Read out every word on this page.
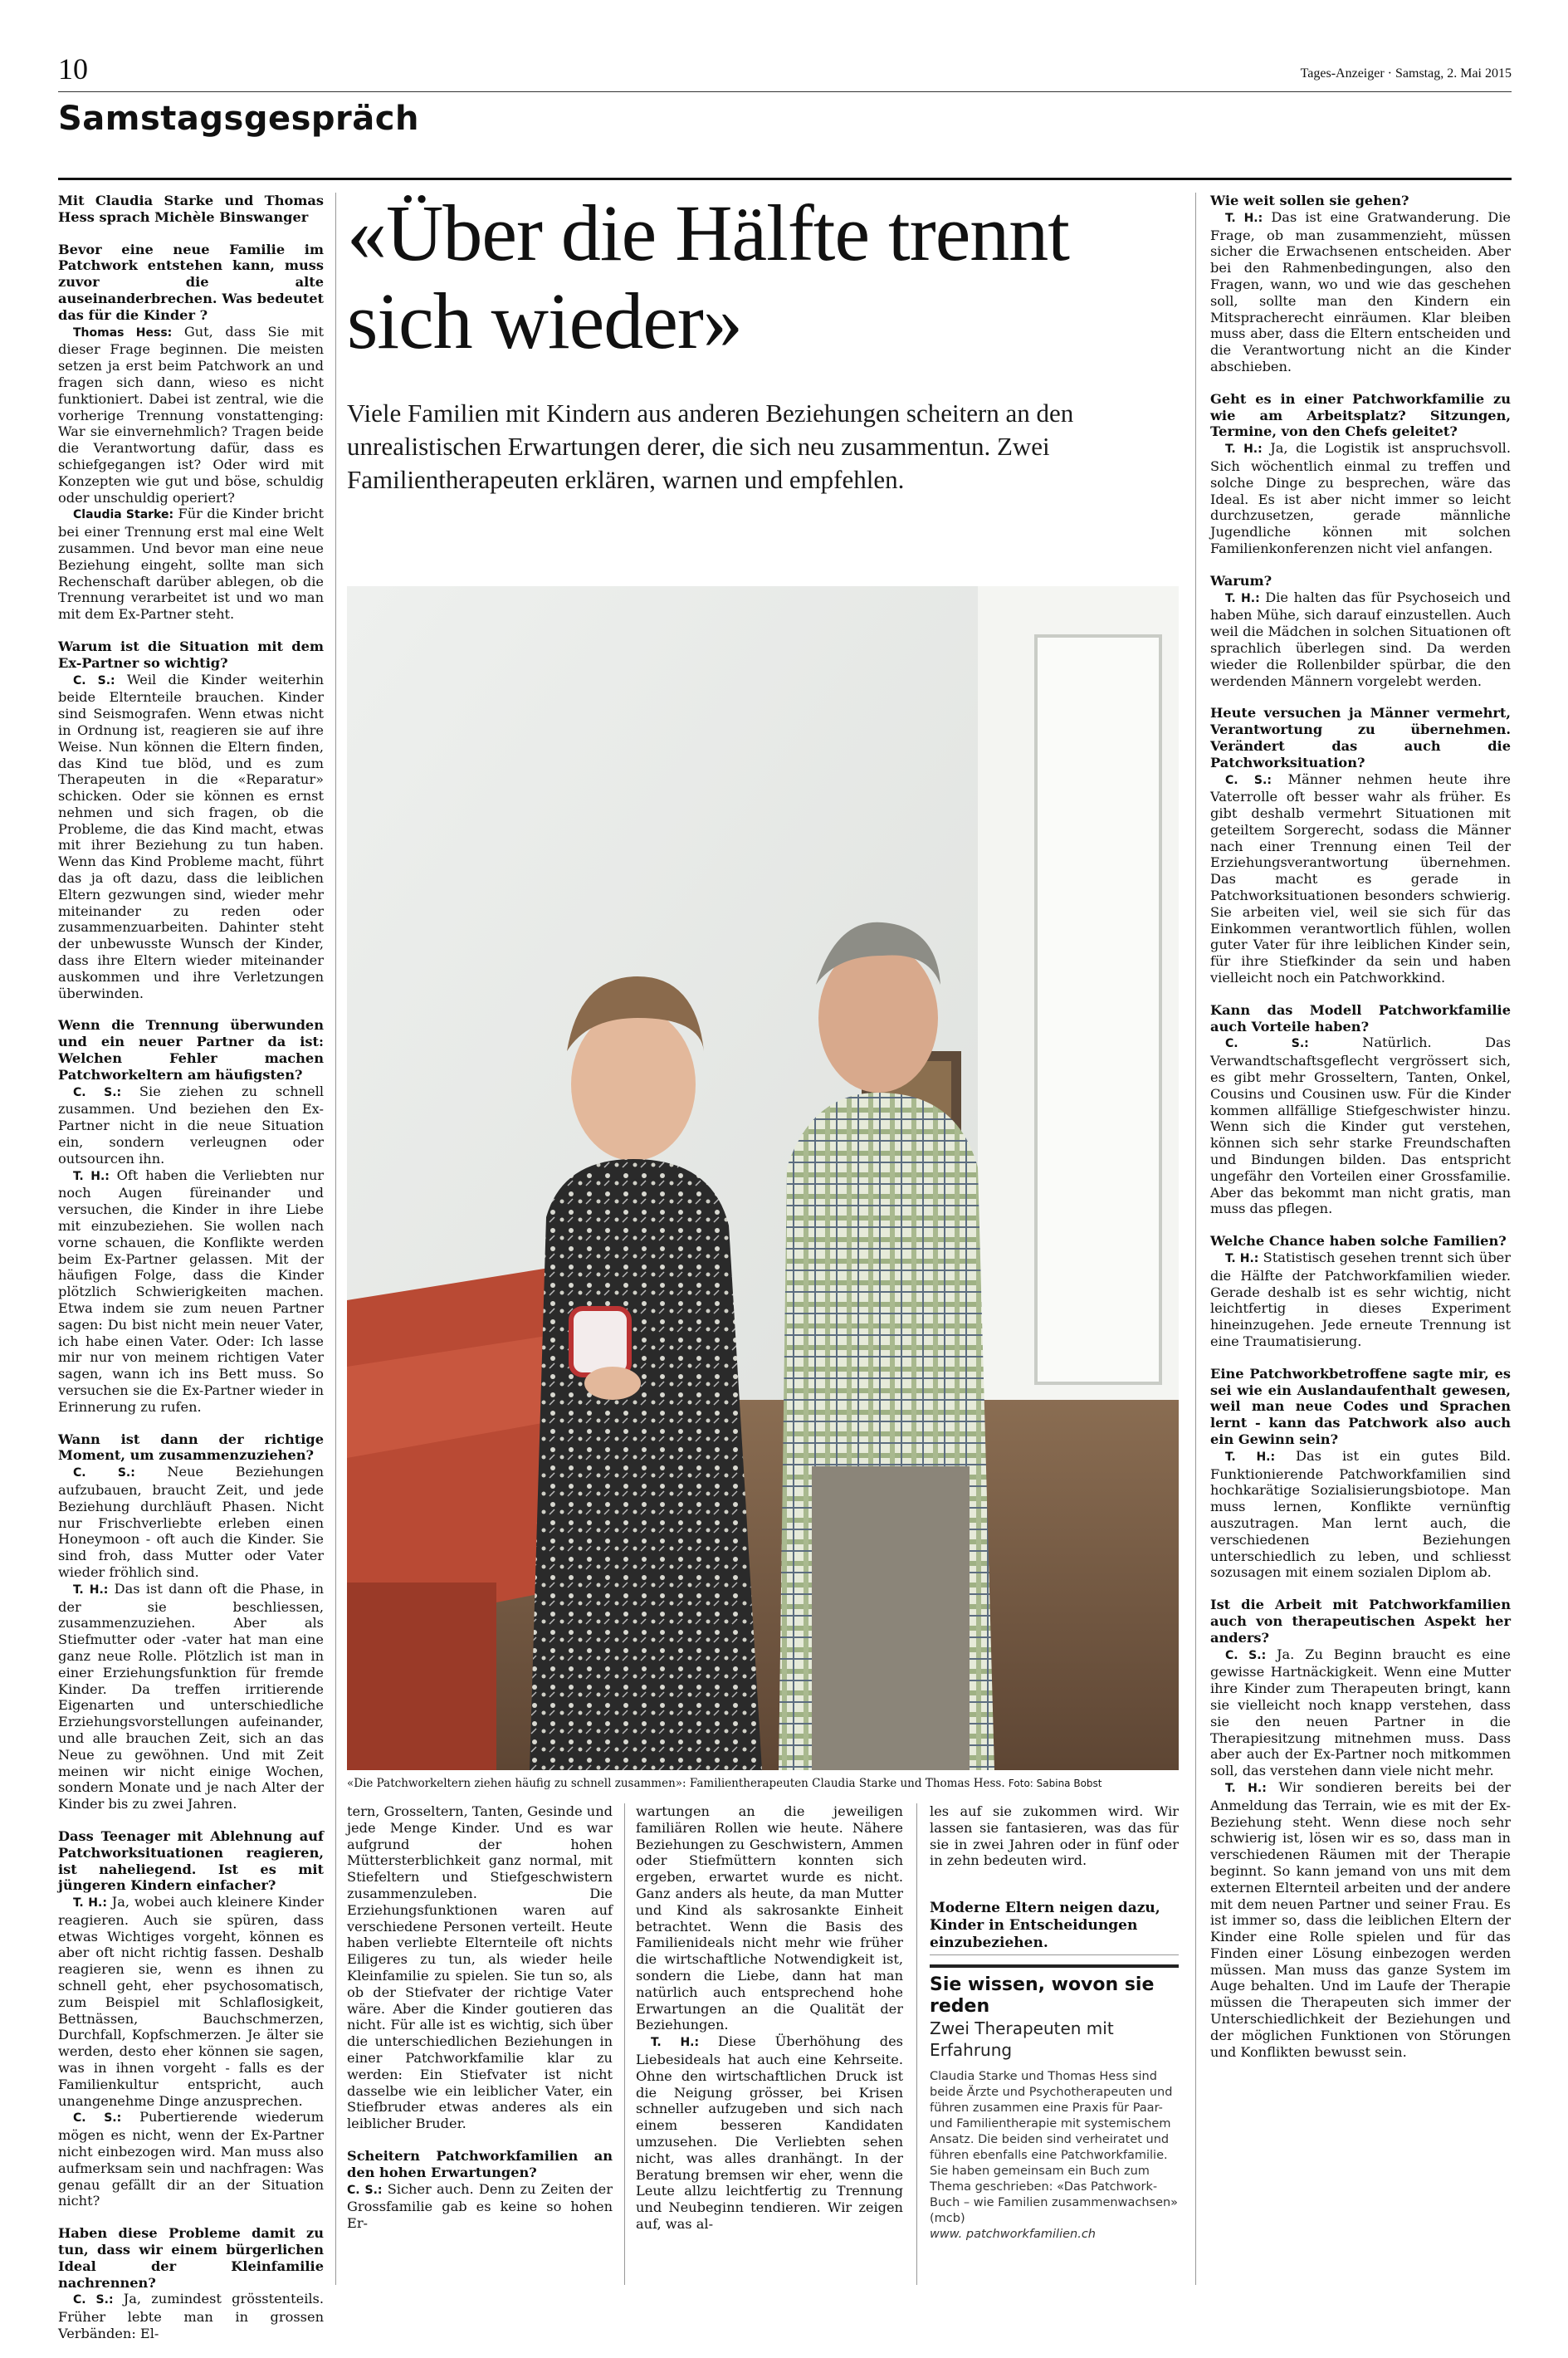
10	Tages-Anzeiger · Samstag, 2. Mai 2015
Samstagsgespräch

Mit Claudia Starke und Thomas Hess sprach Michèle Binswanger

Bevor eine neue Familie im Patchwork entstehen kann, muss zuvor die alte auseinanderbrechen. Was bedeutet das für die Kinder ?

Thomas Hess: Gut, dass Sie mit dieser Frage beginnen. Die meisten setzen ja erst beim Patchwork an und fragen sich dann, wieso es nicht funktioniert. Dabei ist zentral, wie die vorherige Trennung vonstattenging: War sie einvernehmlich? Tragen beide die Verantwortung dafür, dass es schiefgegangen ist? Oder wird mit Konzepten wie gut und böse, schuldig oder unschuldig operiert?

Claudia Starke: Für die Kinder bricht bei einer Trennung erst mal eine Welt zusammen. Und bevor man eine neue Beziehung eingeht, sollte man sich Rechenschaft darüber ablegen, ob die Trennung verarbeitet ist und wo man mit dem Ex-Partner steht.

Warum ist die Situation mit dem Ex-Partner so wichtig?

C. S.: Weil die Kinder weiterhin beide Elternteile brauchen. Kinder sind Seismografen. Wenn etwas nicht in Ordnung ist, reagieren sie auf ihre Weise. Nun können die Eltern finden, das Kind tue blöd, und es zum Therapeuten in die «Reparatur» schicken. Oder sie können es ernst nehmen und sich fragen, ob die Probleme, die das Kind macht, etwas mit ihrer Beziehung zu tun haben. Wenn das Kind Probleme macht, führt das ja oft dazu, dass die leiblichen Eltern gezwungen sind, wieder mehr miteinander zu reden oder zusammenzuarbeiten. Dahinter steht der unbewusste Wunsch der Kinder, dass ihre Eltern wieder miteinander auskommen und ihre Verletzungen überwinden.

Wenn die Trennung überwunden und ein neuer Partner da ist: Welchen Fehler machen Patchworkeltern am häufigsten?

C. S.: Sie ziehen zu schnell zusammen. Und beziehen den Ex-Partner nicht in die neue Situation ein, sondern verleugnen oder outsourcen ihn.

T. H.: Oft haben die Verliebten nur noch Augen füreinander und versuchen, die Kinder in ihre Liebe mit einzubeziehen. Sie wollen nach vorne schauen, die Konflikte werden beim Ex-Partner gelassen. Mit der häufigen Folge, dass die Kinder plötzlich Schwierigkeiten machen. Etwa indem sie zum neuen Partner sagen: Du bist nicht mein neuer Vater, ich habe einen Vater. Oder: Ich lasse mir nur von meinem richtigen Vater sagen, wann ich ins Bett muss. So versuchen sie die Ex-Partner wieder in Erinnerung zu rufen.

Wann ist dann der richtige Moment, um zusammenzuziehen?

C. S.: Neue Beziehungen aufzubauen, braucht Zeit, und jede Beziehung durchläuft Phasen. Nicht nur Frischverliebte erleben einen Honeymoon - oft auch die Kinder. Sie sind froh, dass Mutter oder Vater wieder fröhlich sind.

T. H.: Das ist dann oft die Phase, in der sie beschliessen, zusammenzuziehen. Aber als Stiefmutter oder -vater hat man eine ganz neue Rolle. Plötzlich ist man in einer Erziehungsfunktion für fremde Kinder. Da treffen irritierende Eigenarten und unterschiedliche Erziehungsvorstellungen aufeinander, und alle brauchen Zeit, sich an das Neue zu gewöhnen. Und mit Zeit meinen wir nicht einige Wochen, sondern Monate und je nach Alter der Kinder bis zu zwei Jahren.

Dass Teenager mit Ablehnung auf Patchworksituationen reagieren, ist naheliegend. Ist es mit jüngeren Kindern einfacher?

T. H.: Ja, wobei auch kleinere Kinder reagieren. Auch sie spüren, dass etwas Wichtiges vorgeht, können es aber oft nicht richtig fassen. Deshalb reagieren sie, wenn es ihnen zu schnell geht, eher psychosomatisch, zum Beispiel mit Schlaflosigkeit, Bettnässen, Bauchschmerzen, Durchfall, Kopfschmerzen. Je älter sie werden, desto eher können sie sagen, was in ihnen vorgeht - falls es der Familienkultur entspricht, auch unangenehme Dinge anzusprechen.

C. S.: Pubertierende wiederum mögen es nicht, wenn der Ex-Partner nicht einbezogen wird. Man muss also aufmerksam sein und nachfragen: Was genau gefällt dir an der Situation nicht?

Haben diese Probleme damit zu tun, dass wir einem bürgerlichen Ideal der Kleinfamilie nachrennen?

C. S.: Ja, zumindest grösstenteils. Früher lebte man in grossen Verbänden: El-

«Über die Hälfte trennt sich wieder»
Viele Familien mit Kindern aus anderen Beziehungen scheitern an den unrealistischen Erwartungen derer, die sich neu zusammentun. Zwei Familientherapeuten erklären, warnen und empfehlen.
«Die Patchworkeltern ziehen häufig zu schnell zusammen»: Familientherapeuten Claudia Starke und Thomas Hess. Foto: Sabina Bobst

tern, Grosseltern, Tanten, Gesinde und jede Menge Kinder. Und es war aufgrund der hohen Müttersterblichkeit ganz normal, mit Stiefeltern und Stiefgeschwistern zusammenzuleben. Die Erziehungsfunktionen waren auf verschiedene Personen verteilt. Heute haben verliebte Elternteile oft nichts Eiligeres zu tun, als wieder heile Kleinfamilie zu spielen. Sie tun so, als ob der Stiefvater der richtige Vater wäre. Aber die Kinder goutieren das nicht. Für alle ist es wichtig, sich über die unterschiedlichen Beziehungen in einer Patchworkfamilie klar zu werden: Ein Stiefvater ist nicht dasselbe wie ein leiblicher Vater, ein Stiefbruder etwas anderes als ein leiblicher Bruder.

Scheitern Patchworkfamilien an den hohen Erwartungen?

C. S.: Sicher auch. Denn zu Zeiten der Grossfamilie gab es keine so hohen Er-

wartungen an die jeweiligen familiären Rollen wie heute. Nähere Beziehungen zu Geschwistern, Ammen oder Stiefmüttern konnten sich ergeben, erwartet wurde es nicht. Ganz anders als heute, da man Mutter und Kind als sakrosankte Einheit betrachtet. Wenn die Basis des Familienideals nicht mehr wie früher die wirtschaftliche Notwendigkeit ist, sondern die Liebe, dann hat man natürlich auch entsprechend hohe Erwartungen an die Qualität der Beziehungen.

T. H.: Diese Überhöhung des Liebesideals hat auch eine Kehrseite. Ohne den wirtschaftlichen Druck ist die Neigung grösser, bei Krisen schneller aufzugeben und sich nach einem besseren Kandidaten umzusehen. Die Verliebten sehen nicht, was alles dranhängt. In der Beratung bremsen wir eher, wenn die Leute allzu leichtfertig zu Trennung und Neubeginn tendieren. Wir zeigen auf, was al-

les auf sie zukommen wird. Wir lassen sie fantasieren, was das für sie in zwei Jahren oder in fünf oder in zehn bedeuten wird.

Moderne Eltern neigen dazu, Kinder in Entscheidungen einzubeziehen.
Sie wissen, wovon sie reden
Zwei Therapeuten mit Erfahrung
Claudia Starke und Thomas Hess sind beide Ärzte und Psychotherapeuten und führen zusammen eine Praxis für Paar- und Familientherapie mit systemischem Ansatz. Die beiden sind verheiratet und führen ebenfalls eine Patchworkfamilie. Sie haben gemeinsam ein Buch zum Thema geschrieben: «Das Patchwork-Buch – wie Familien zusammenwachsen» (mcb)
www. patchworkfamilien.ch

Wie weit sollen sie gehen?

T. H.: Das ist eine Gratwanderung. Die Frage, ob man zusammenzieht, müssen sicher die Erwachsenen entscheiden. Aber bei den Rahmenbedingungen, also den Fragen, wann, wo und wie das geschehen soll, sollte man den Kindern ein Mitspracherecht einräumen. Klar bleiben muss aber, dass die Eltern entscheiden und die Verantwortung nicht an die Kinder abschieben.

Geht es in einer Patchworkfamilie zu wie am Arbeitsplatz? Sitzungen, Termine, von den Chefs geleitet?

T. H.: Ja, die Logistik ist anspruchsvoll. Sich wöchentlich einmal zu treffen und solche Dinge zu besprechen, wäre das Ideal. Es ist aber nicht immer so leicht durchzusetzen, gerade männliche Jugendliche können mit solchen Familienkonferenzen nicht viel anfangen.

Warum?

T. H.: Die halten das für Psychoseich und haben Mühe, sich darauf einzustellen. Auch weil die Mädchen in solchen Situationen oft sprachlich überlegen sind. Da werden wieder die Rollenbilder spürbar, die den werdenden Männern vorgelebt werden.

Heute versuchen ja Männer vermehrt, Verantwortung zu übernehmen. Verändert das auch die Patchworksituation?

C. S.: Männer nehmen heute ihre Vaterrolle oft besser wahr als früher. Es gibt deshalb vermehrt Situationen mit geteiltem Sorgerecht, sodass die Männer nach einer Trennung einen Teil der Erziehungsverantwortung übernehmen. Das macht es gerade in Patchworksituationen besonders schwierig. Sie arbeiten viel, weil sie sich für das Einkommen verantwortlich fühlen, wollen guter Vater für ihre leiblichen Kinder sein, für ihre Stiefkinder da sein und haben vielleicht noch ein Patchworkkind.

Kann das Modell Patchworkfamilie auch Vorteile haben?

C. S.: Natürlich. Das Verwandtschaftsgeflecht vergrössert sich, es gibt mehr Grosseltern, Tanten, Onkel, Cousins und Cousinen usw. Für die Kinder kommen allfällige Stiefgeschwister hinzu. Wenn sich die Kinder gut verstehen, können sich sehr starke Freundschaften und Bindungen bilden. Das entspricht ungefähr den Vorteilen einer Grossfamilie. Aber das bekommt man nicht gratis, man muss das pflegen.

Welche Chance haben solche Familien?

T. H.: Statistisch gesehen trennt sich über die Hälfte der Patchworkfamilien wieder. Gerade deshalb ist es sehr wichtig, nicht leichtfertig in dieses Experiment hineinzugehen. Jede erneute Trennung ist eine Traumatisierung.

Eine Patchworkbetroffene sagte mir, es sei wie ein Auslandaufenthalt gewesen, weil man neue Codes und Sprachen lernt - kann das Patchwork also auch ein Gewinn sein?

T. H.: Das ist ein gutes Bild. Funktionierende Patchworkfamilien sind hochkarätige Sozialisierungsbiotope. Man muss lernen, Konflikte vernünftig auszutragen. Man lernt auch, die verschiedenen Beziehungen unterschiedlich zu leben, und schliesst sozusagen mit einem sozialen Diplom ab.

Ist die Arbeit mit Patchworkfamilien auch von therapeutischen Aspekt her anders?

C. S.: Ja. Zu Beginn braucht es eine gewisse Hartnäckigkeit. Wenn eine Mutter ihre Kinder zum Therapeuten bringt, kann sie vielleicht noch knapp verstehen, dass sie den neuen Partner in die Therapiesitzung mitnehmen muss. Dass aber auch der Ex-Partner noch mitkommen soll, das verstehen dann viele nicht mehr.

T. H.: Wir sondieren bereits bei der Anmeldung das Terrain, wie es mit der Ex-Beziehung steht. Wenn diese noch sehr schwierig ist, lösen wir es so, dass man in verschiedenen Räumen mit der Therapie beginnt. So kann jemand von uns mit dem externen Elternteil arbeiten und der andere mit dem neuen Partner und seiner Frau. Es ist immer so, dass die leiblichen Eltern der Kinder eine Rolle spielen und für das Finden einer Lösung einbezogen werden müssen. Man muss das ganze System im Auge behalten. Und im Laufe der Therapie müssen die Therapeuten sich immer der Unterschiedlichkeit der Beziehungen und der möglichen Funktionen von Störungen und Konflikten bewusst sein.
